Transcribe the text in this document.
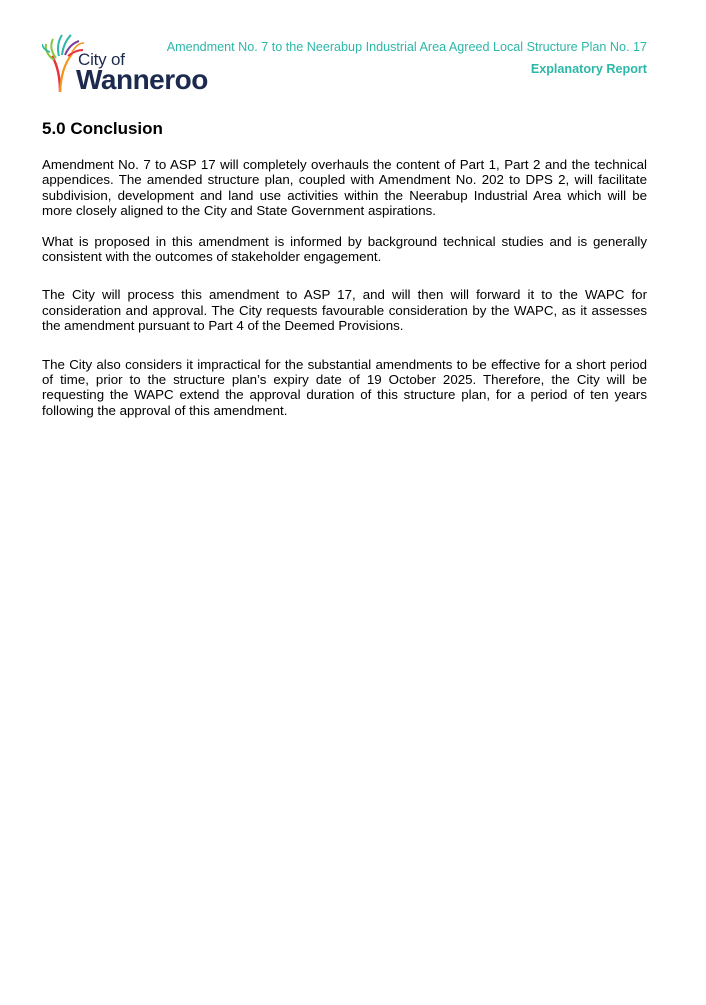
City of
Wanneroo
Amendment No. 7 to the Neerabup Industrial Area Agreed Local Structure Plan No. 17
Explanatory Report
5.0 Conclusion

Amendment No. 7 to ASP 17 will completely overhauls the content of Part 1, Part 2 and the technical appendices. The amended structure plan, coupled with Amendment No. 202 to DPS 2, will facilitate subdivision, development and land use activities within the Neerabup Industrial Area which will be more closely aligned to the City and State Government aspirations.

What is proposed in this amendment is informed by background technical studies and is generally consistent with the outcomes of stakeholder engagement.

The City will process this amendment to ASP 17, and will then will forward it to the WAPC for consideration and approval. The City requests favourable consideration by the WAPC, as it assesses the amendment pursuant to Part 4 of the Deemed Provisions.

The City also considers it impractical for the substantial amendments to be effective for a short period of time, prior to the structure plan’s expiry date of 19 October 2025. Therefore, the City will be requesting the WAPC extend the approval duration of this structure plan, for a period of ten years following the approval of this amendment.
